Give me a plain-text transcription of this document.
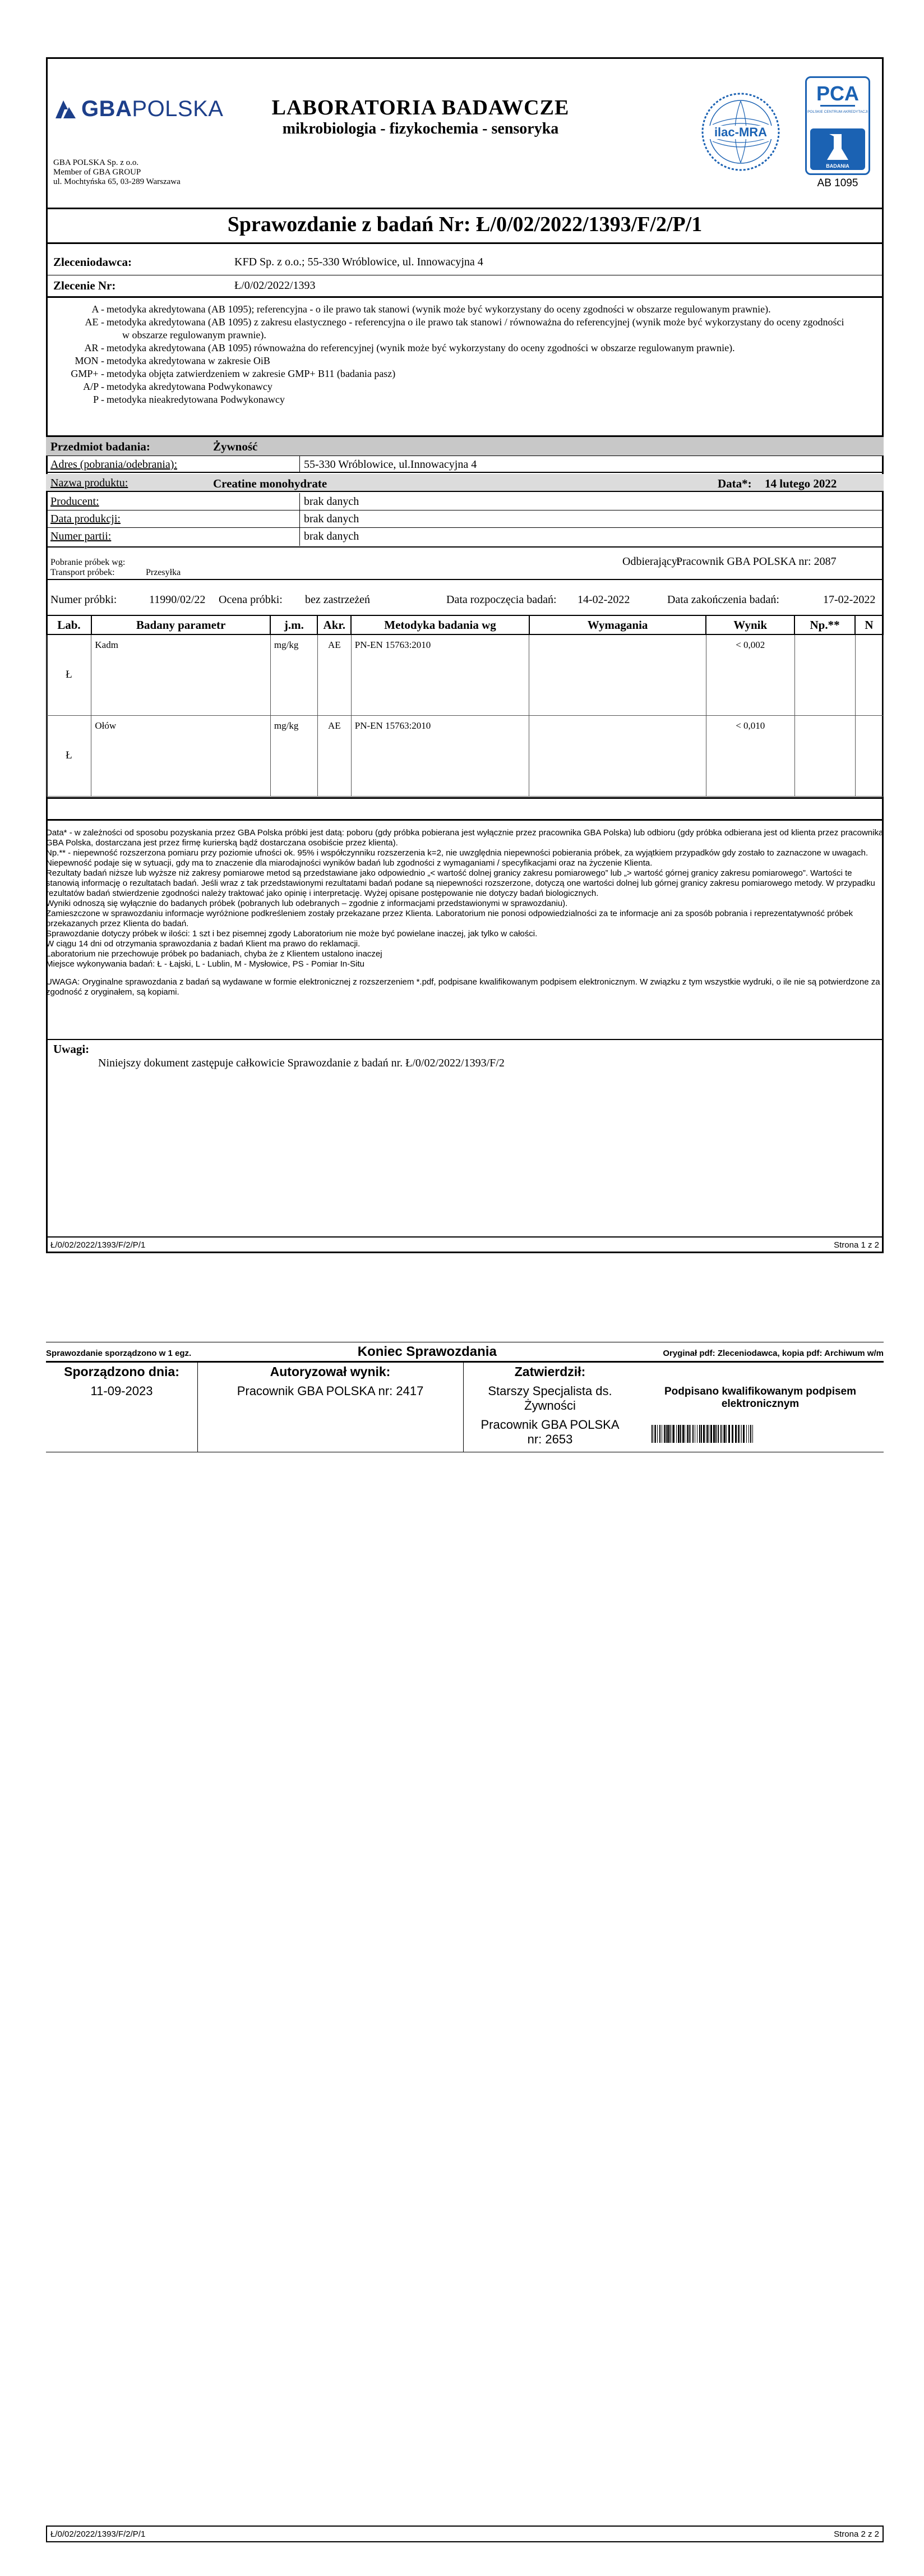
GBAPOLSKA
GBA POLSKA Sp. z o.o.
Member of GBA GROUP
ul. Mochtyńska 65, 03-289 Warszawa
LABORATORIA BADAWCZE
mikrobiologia - fizykochemia - sensoryka	ilac-MRA
PCA
POLSKIE CENTRUM AKREDYTACJI
BADANIA
AB 1095
Sprawozdanie z badań Nr: Ł/0/02/2022/1393/F/2/P/1
Zleceniodawca:	KFD Sp. z o.o.; 55-330 Wróblowice, ul. Innowacyjna 4
Zlecenie Nr:	Ł/0/02/2022/1393
A - metodyka akredytowana (AB 1095); referencyjna - o ile prawo tak stanowi (wynik może być wykorzystany do oceny zgodności w obszarze regulowanym prawnie).
AE - metodyka akredytowana (AB 1095) z zakresu elastycznego - referencyjna o ile prawo tak stanowi / równoważna do referencyjnej (wynik może być wykorzystany do oceny zgodności
w obszarze regulowanym prawnie).
AR - metodyka akredytowana (AB 1095) równoważna do referencyjnej (wynik może być wykorzystany do oceny zgodności w obszarze regulowanym prawnie).
MON - metodyka akredytowana w zakresie OiB
GMP+ - metodyka objęta zatwierdzeniem w zakresie GMP+ B11 (badania pasz)
A/P - metodyka akredytowana Podwykonawcy
P - metodyka nieakredytowana Podwykonawcy
Przedmiot badania:	Żywność
Adres (pobrania/odebrania):	55-330 Wróblowice, ul.Innowacyjna 4
Nazwa produktu:	Creatine monohydrate	Data*: 14 lutego 2022
Producent:	brak danych
Data produkcji:	brak danych
Numer partii:	brak danych
Pobranie próbek wg:
Transport próbek:	Przesyłka
Odbierający:
Pracownik GBA POLSKA nr: 2087
Numer próbki:	11990/02/22 Ocena próbki: bez zastrzeżeń	Data rozpoczęcia badań: 14-02-2022	Data zakończenia badań:	17-02-2022
Lab.	Badany parametr	j.m.	Akr.	Metodyka badania wg	Wymagania	Wynik	Np.**	N
Ł	Kadm	mg/kg	AE	PN-EN 15763:2010		< 0,002		
Ł	Ołów	mg/kg	AE	PN-EN 15763:2010		< 0,010		
Data* - w zależności od sposobu pozyskania przez GBA Polska próbki jest datą: poboru (gdy próbka pobierana jest wyłącznie przez pracownika GBA Polska) lub odbioru (gdy próbka odbierana jest od klienta przez pracownika GBA Polska, dostarczana jest przez firmę kurierską bądź dostarczana osobiście przez klienta).
Np.** - niepewność rozszerzona pomiaru przy poziomie ufności ok. 95% i współczynniku rozszerzenia k=2, nie uwzględnia niepewności pobierania próbek, za wyjątkiem przypadków gdy zostało to zaznaczone w uwagach.
Niepewność podaje się w sytuacji, gdy ma to znaczenie dla miarodajności wyników badań lub zgodności z wymaganiami / specyfikacjami oraz na życzenie Klienta.
Rezultaty badań niższe lub wyższe niż zakresy pomiarowe metod są przedstawiane jako odpowiednio „< wartość dolnej granicy zakresu pomiarowego” lub „> wartość górnej granicy zakresu pomiarowego”. Wartości te stanowią informację o rezultatach badań. Jeśli wraz z tak przedstawionymi rezultatami badań podane są niepewności rozszerzone, dotyczą one wartości dolnej lub górnej granicy zakresu pomiarowego metody. W przypadku rezultatów badań stwierdzenie zgodności należy traktować jako opinię i interpretację. Wyżej opisane postępowanie nie dotyczy badań biologicznych.
Wyniki odnoszą się wyłącznie do badanych próbek (pobranych lub odebranych – zgodnie z informacjami przedstawionymi w sprawozdaniu).
Zamieszczone w sprawozdaniu informacje wyróżnione podkreśleniem zostały przekazane przez Klienta. Laboratorium nie ponosi odpowiedzialności za te informacje ani za sposób pobrania i reprezentatywność próbek przekazanych przez Klienta do badań.
Sprawozdanie dotyczy próbek w ilości: 1 szt i bez pisemnej zgody Laboratorium nie może być powielane inaczej, jak tylko w całości.
W ciągu 14 dni od otrzymania sprawozdania z badań Klient ma prawo do reklamacji.
Laboratorium nie przechowuje próbek po badaniach, chyba że z Klientem ustalono inaczej
Miejsce wykonywania badań: Ł - Łajski, L - Lublin, M - Mysłowice, PS - Pomiar In-Situ
UWAGA: Oryginalne sprawozdania z badań są wydawane w formie elektronicznej z rozszerzeniem *.pdf, podpisane kwalifikowanym podpisem elektronicznym. W związku z tym wszystkie wydruki, o ile nie są potwierdzone za zgodność z oryginałem, są kopiami.
Uwagi:
Niniejszy dokument zastępuje całkowicie Sprawozdanie z badań nr. Ł/0/02/2022/1393/F/2
Ł/0/02/2022/1393/F/2/P/1	Strona 1 z 2
Sprawozdanie sporządzono w 1 egz.	Koniec Sprawozdania	Oryginał pdf: Zleceniodawca, kopia pdf: Archiwum w/m
Sporządzono dnia:
11-09-2023
Autoryzował wynik:
Pracownik GBA POLSKA nr: 2417
Zatwierdził:
Starszy Specjalista ds.
Żywności
Pracownik GBA POLSKA
nr: 2653
Podpisano kwalifikowanym podpisem
elektronicznym
Ł/0/02/2022/1393/F/2/P/1	Strona 2 z 2
